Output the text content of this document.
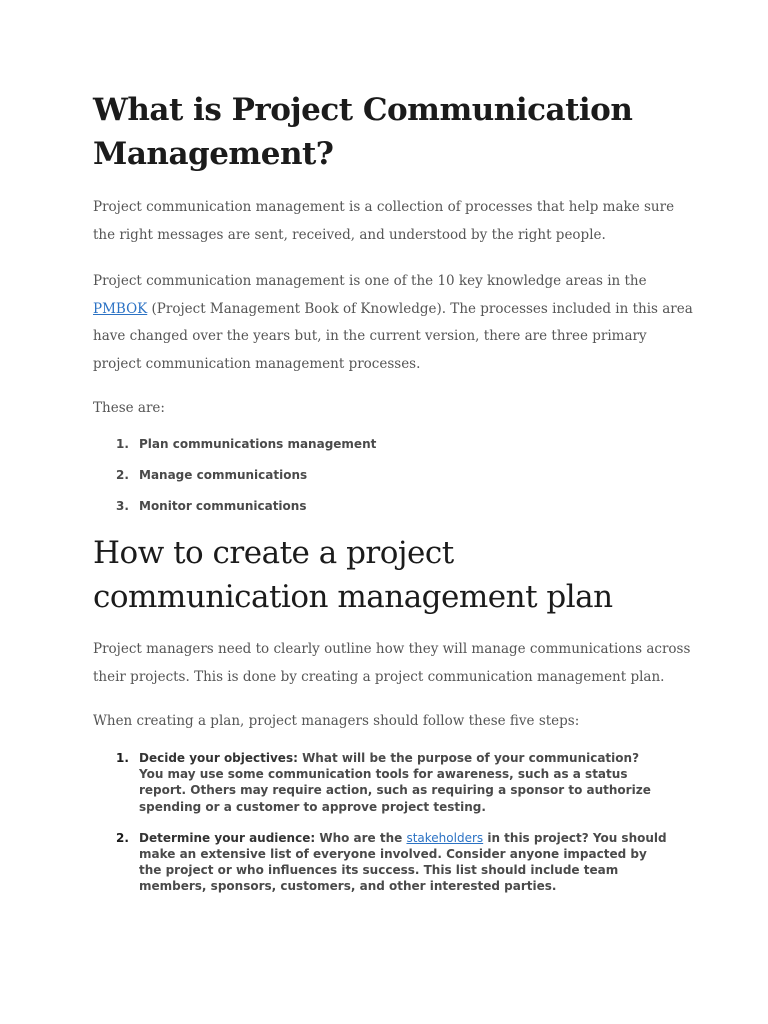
What is Project Communication Management?

Project communication management is a collection of processes that help make sure the right messages are sent, received, and understood by the right people.

Project communication management is one of the 10 key knowledge areas in the PMBOK (Project Management Book of Knowledge). The processes included in this area have changed over the years but, in the current version, there are three primary project communication management processes.

These are:

1. Plan communications management
2. Manage communications
3. Monitor communications
How to create a project communication management plan

Project managers need to clearly outline how they will manage communications across their projects. This is done by creating a project communication management plan.

When creating a plan, project managers should follow these five steps:

1. Decide your objectives: What will be the purpose of your communication? You may use some communication tools for awareness, such as a status report. Others may require action, such as requiring a sponsor to authorize spending or a customer to approve project testing.
2. Determine your audience: Who are the stakeholders in this project? You should make an extensive list of everyone involved. Consider anyone impacted by the project or who influences its success. This list should include team members, sponsors, customers, and other interested parties.
